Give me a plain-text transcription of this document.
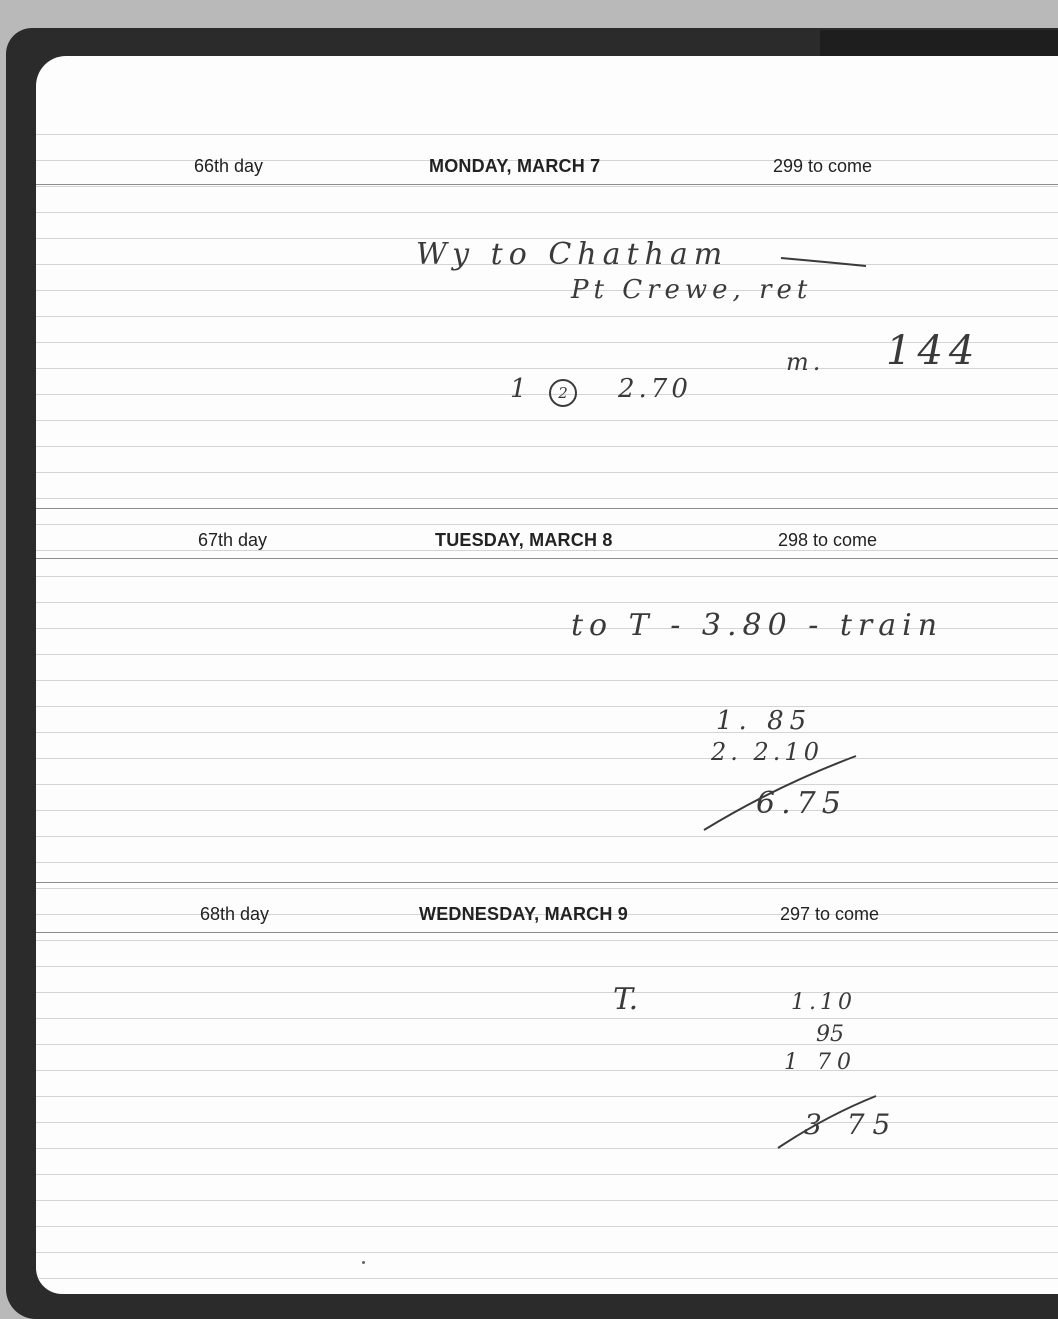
66th day	MONDAY, MARCH 7	299 to come
Wy to Chatham
Pt Crewe, ret
1	2	2.70
m. 144
67th day	TUESDAY, MARCH 8	298 to come
to T - 3.80 - train
1. 85
2. 2.10
6.75
68th day	WEDNESDAY, MARCH 9	297 to come
T.	1.10
95
1 70
3 75
